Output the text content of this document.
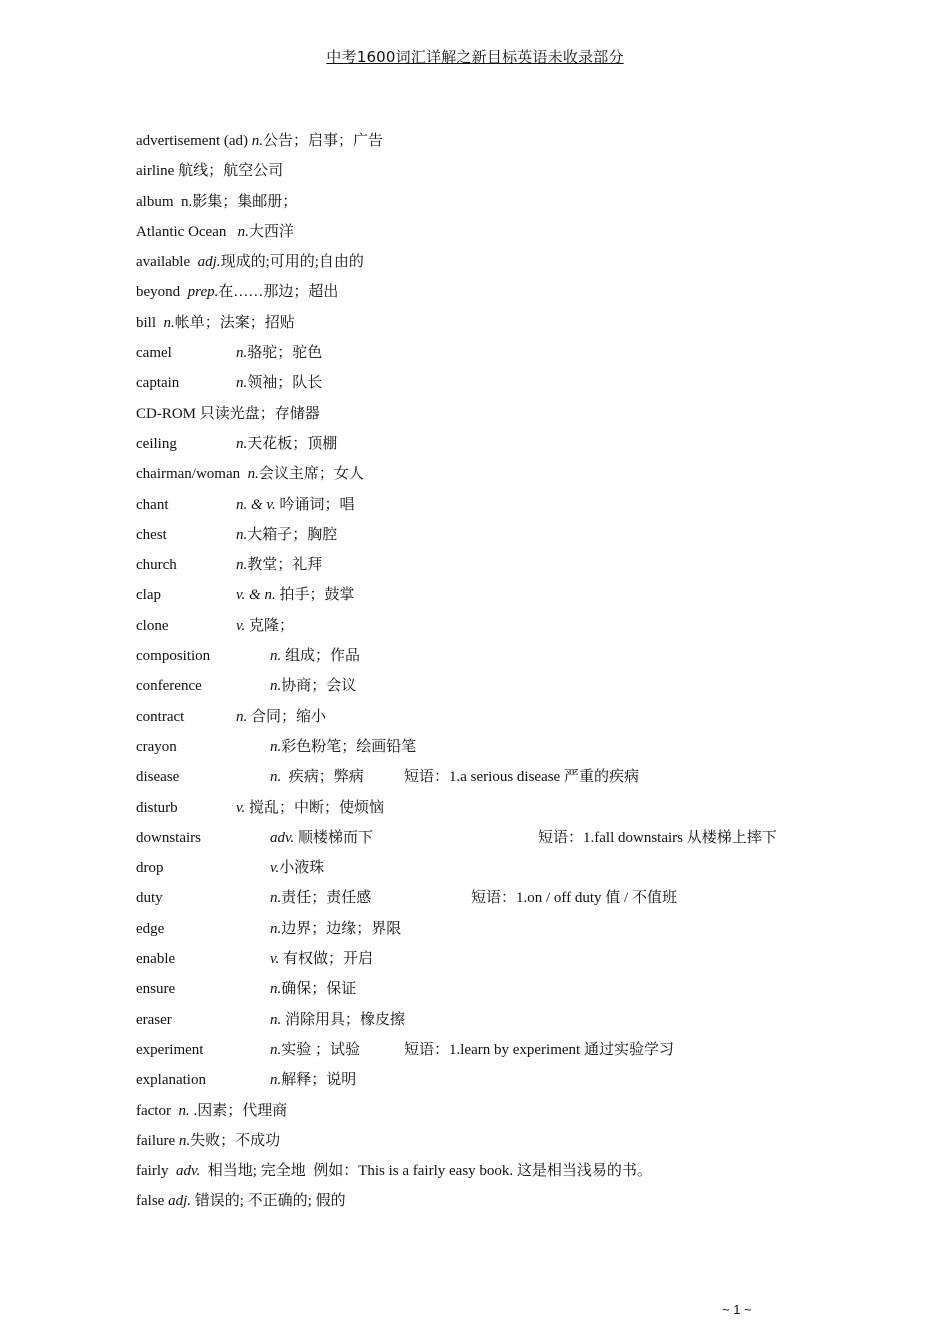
中考1600词汇详解之新目标英语未收录部分
advertisement (ad) n.公告；启事；广告
airline 航线；航空公司
album  n.影集；集邮册；
Atlantic Ocean   n.大西洋
available  adj.现成的;可用的;自由的
beyond  prep.在……那边；超出
bill  n.帐单；法案；招贴
camel	n.骆驼；驼色
captain	n.领袖；队长
CD-ROM 只读光盘；存储器
ceiling	n.天花板；顶棚
chairman/woman  n.会议主席；女人
chant	n. & v. 吟诵词；唱
chest	n.大箱子；胸腔
church	n.教堂；礼拜
clap	v. & n. 拍手；鼓掌
clone	v. 克隆；
composition	n. 组成；作品
conference	n.协商；会议
contract	n. 合同；缩小
crayon	n.彩色粉笔；绘画铅笔
disease	n.  疾病；弊病	短语：1.a serious disease 严重的疾病
disturb	v. 搅乱；中断；使烦恼
downstairs	adv. 顺楼梯而下	短语：1.fall downstairs 从楼梯上摔下
drop	v.小液珠
duty	n.责任；责任感	短语：1.on / off duty 值 / 不值班
edge	n.边界；边缘；界限
enable	v. 有权做；开启
ensure	n.确保；保证
eraser	n. 消除用具；橡皮擦
experiment	n.实验 ；试验	短语：1.learn by experiment 通过实验学习
explanation	n.解释；说明
factor  n. .因素；代理商
failure n.失败；不成功
fairly  adv.  相当地; 完全地  例如：This is a fairly easy book. 这是相当浅易的书。
false adj. 错误的; 不正确的; 假的
~ 1 ~
